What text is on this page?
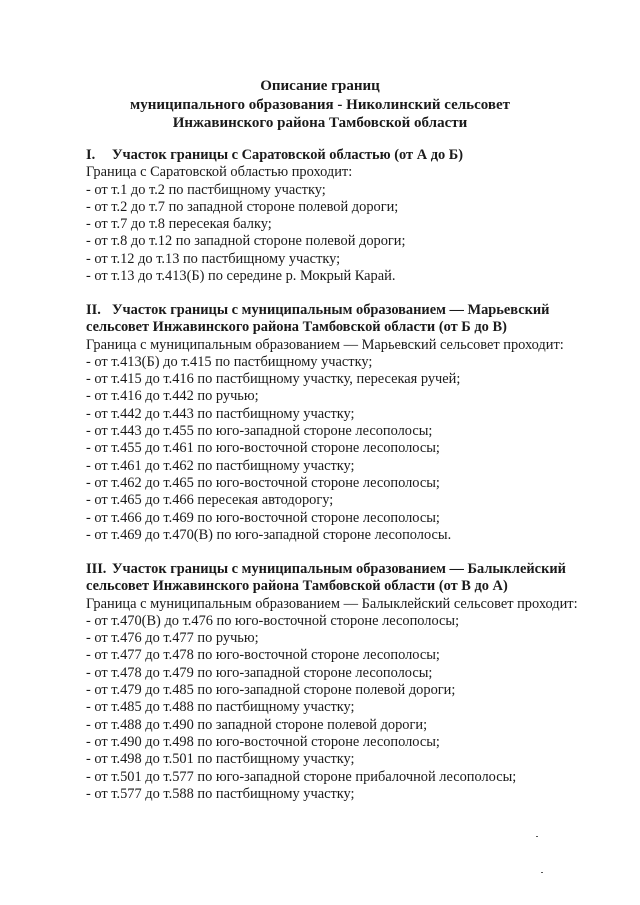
Описание границ
муниципального образования - Николинский сельсовет
Инжавинского района Тамбовской области
I. Участок границы с Саратовской областью (от А до Б)
Граница с Саратовской областью проходит:
- от т.1 до т.2 по пастбищному участку;
- от т.2 до т.7 по западной стороне полевой дороги;
- от т.7 до т.8 пересекая балку;
- от т.8 до т.12 по западной стороне полевой дороги;
- от т.12 до т.13 по пастбищному участку;
- от т.13 до т.413(Б) по середине р. Мокрый Карай.
II. Участок границы с муниципальным образованием — Марьевский
сельсовет Инжавинского района Тамбовской области (от Б до В)
Граница с муниципальным образованием — Марьевский сельсовет проходит:
- от т.413(Б) до т.415 по пастбищному участку;
- от т.415 до т.416 по пастбищному участку, пересекая ручей;
- от т.416 до т.442 по ручью;
- от т.442 до т.443 по пастбищному участку;
- от т.443 до т.455 по юго-западной стороне лесополосы;
- от т.455 до т.461 по юго-восточной стороне лесополосы;
- от т.461 до т.462 по пастбищному участку;
- от т.462 до т.465 по юго-восточной стороне лесополосы;
- от т.465 до т.466 пересекая автодорогу;
- от т.466 до т.469 по юго-восточной стороне лесополосы;
- от т.469 до т.470(В) по юго-западной стороне лесополосы.
III. Участок границы с муниципальным образованием — Балыклейский
сельсовет Инжавинского района Тамбовской области (от В до А)
Граница с муниципальным образованием — Балыклейский сельсовет проходит:
- от т.470(В) до т.476 по юго-восточной стороне лесополосы;
- от т.476 до т.477 по ручью;
- от т.477 до т.478 по юго-восточной стороне лесополосы;
- от т.478 до т.479 по юго-западной стороне лесополосы;
- от т.479 до т.485 по юго-западной стороне полевой дороги;
- от т.485 до т.488 по пастбищному участку;
- от т.488 до т.490 по западной стороне полевой дороги;
- от т.490 до т.498 по юго-восточной стороне лесополосы;
- от т.498 до т.501 по пастбищному участку;
- от т.501 до т.577 по юго-западной стороне прибалочной лесополосы;
- от т.577 до т.588 по пастбищному участку;
